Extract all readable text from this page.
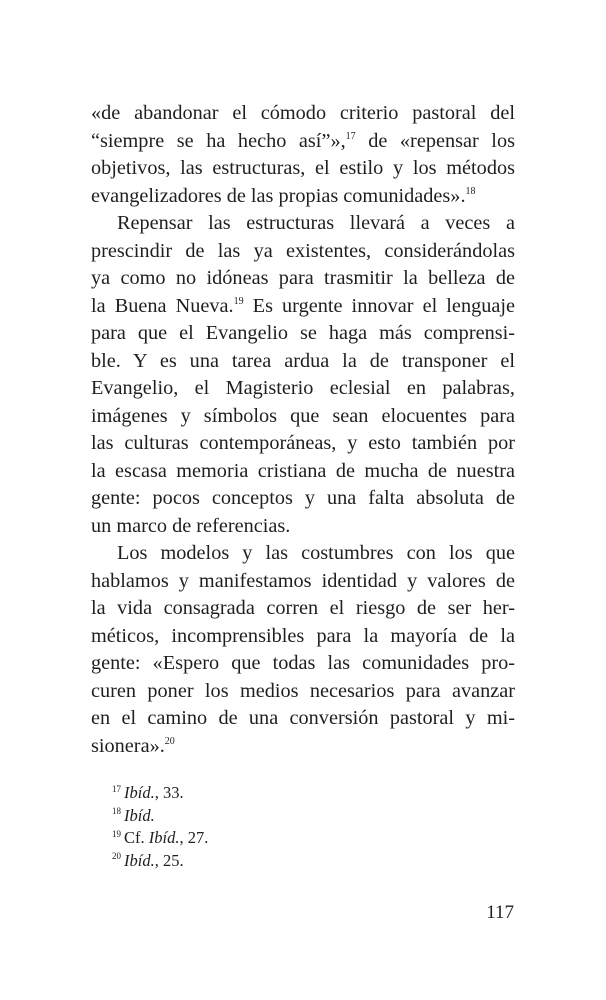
«de abandonar el cómodo criterio pastoral del
“siempre se ha hecho así”»,$^{17}$ de «repensar los
objetivos, las estructuras, el estilo y los métodos
evangelizadores de las propias comunidades».$^{18}$

Repensar las estructuras llevará a veces a
prescindir de las ya existentes, considerándolas
ya como no idóneas para trasmitir la belleza de
la Buena Nueva.$^{19}$ Es urgente innovar el lenguaje
para que el Evangelio se haga más comprensi-
ble. Y es una tarea ardua la de transponer el
Evangelio, el Magisterio eclesial en palabras,
imágenes y símbolos que sean elocuentes para
las culturas contemporáneas, y esto también por
la escasa memoria cristiana de mucha de nuestra
gente: pocos conceptos y una falta absoluta de
un marco de referencias.

Los modelos y las costumbres con los que
hablamos y manifestamos identidad y valores de
la vida consagrada corren el riesgo de ser her-
méticos, incomprensibles para la mayoría de la
gente: «Espero que todas las comunidades pro-
curen poner los medios necesarios para avanzar
en el camino de una conversión pastoral y mi-
sionera».$^{20}$

$^{17}$ Ibíd., 33.
$^{18}$ Ibíd.
$^{19}$ Cf. Ibíd., 27.
$^{20}$ Ibíd., 25.
117
